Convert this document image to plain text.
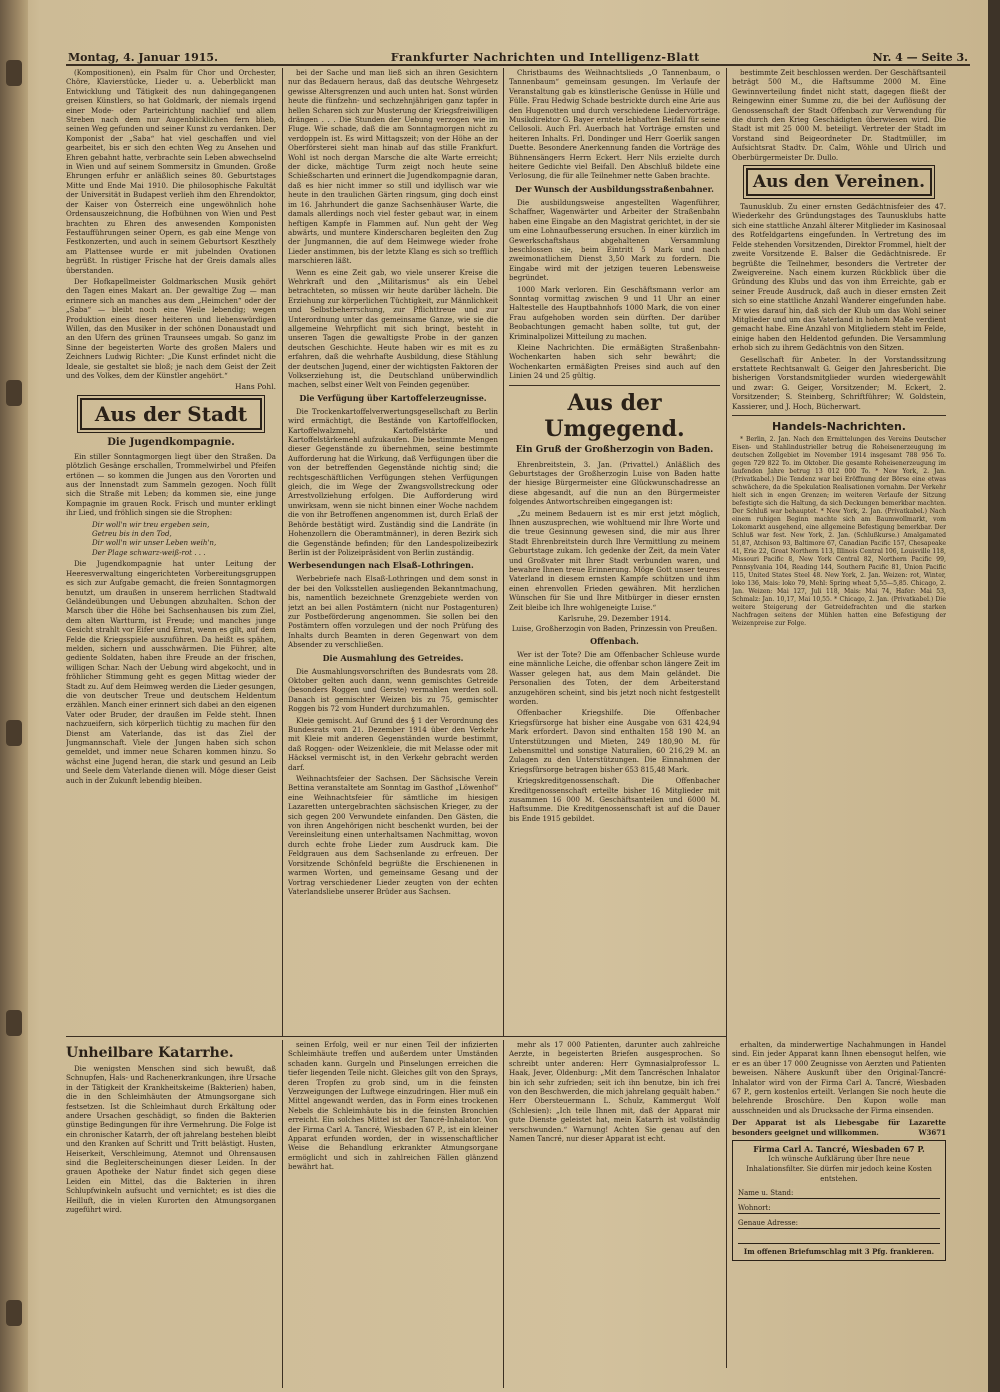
Montag, 4. Januar 1915.	Frankfurter Nachrichten und Intelligenz-Blatt	Nr. 4 — Seite 3.

(Kompositionen), ein Psalm für Chor und Orchester, Chöre, Klavierstücke, Lieder u. a. Ueberblickt man Entwicklung und Tätigkeit des nun dahingegangenen greisen Künstlers, so hat Goldmark, der niemals irgend einer Mode- oder Parteirichtung nachlief und allem Streben nach dem nur Augenblicklichen fern blieb, seinen Weg gefunden und seiner Kunst zu verdanken. Der Komponist der „Saba“ hat viel geschaffen und viel gearbeitet, bis er sich den echten Weg zu Ansehen und Ehren gebahnt hatte, verbrachte sein Leben abwechselnd in Wien und auf seinem Sommersitz in Gmunden. Große Ehrungen erfuhr er anläßlich seines 80. Geburtstages Mitte und Ende Mai 1910. Die philosophische Fakultät der Universität in Budapest verlieh ihm den Ehrendoktor, der Kaiser von Österreich eine ungewöhnlich hohe Ordensauszeichnung, die Hofbühnen von Wien und Pest brachten zu Ehren des anwesenden Komponisten Festaufführungen seiner Opern, es gab eine Menge von Festkonzerten, und auch in seinem Geburtsort Keszthely am Plattensee wurde er mit jubelnden Ovationen begrüßt. In rüstiger Frische hat der Greis damals alles überstanden.

Der Hofkapellmeister Goldmarkschen Musik gehört den Tagen eines Makart an. Der gewaltige Zug — man erinnere sich an manches aus dem „Heimchen“ oder der „Saba“ — bleibt noch eine Weile lebendig; wegen Produktion eines dieser heiteren und liebenswürdigen Willen, das den Musiker in der schönen Donaustadt und an den Ufern des grünen Traunsees umgab. So ganz im Sinne der begeisterten Worte des großen Malers und Zeichners Ludwig Richter: „Die Kunst erfindet nicht die Ideale, sie gestaltet sie bloß; je nach dem Geist der Zeit und des Volkes, dem der Künstler angehört.“

Hans Pohl.
Aus der Stadt
Die Jugendkompagnie.

Ein stiller Sonntagmorgen liegt über den Straßen. Da plötzlich Gesänge erschallen, Trommelwirbel und Pfeifen ertönen — so kommen die Jungen aus den Vororten und aus der Innenstadt zum Sammeln gezogen. Noch füllt sich die Straße mit Leben; da kommen sie, eine junge Kompagnie im grauen Rock. Frisch und munter erklingt ihr Lied, und fröhlich singen sie die Strophen:

Dir woll'n wir treu ergeben sein,
Getreu bis in den Tod,
Dir woll'n wir unser Leben weih'n,
Der Plage schwarz-weiß-rot . . .

Die Jugendkompagnie hat unter Leitung der Heeresverwaltung eingerichteten Vorbereitungsgruppen es sich zur Aufgabe gemacht, die freien Sonntagmorgen benutzt, um draußen in unserem herrlichen Stadtwald Geländeübungen und Uebungen abzuhalten. Schon der Marsch über die Höhe bei Sachsenhausen bis zum Ziel, dem alten Wartturm, ist Freude; und manches junge Gesicht strahlt vor Eifer und Ernst, wenn es gilt, auf dem Felde die Kriegsspiele auszuführen. Da heißt es spähen, melden, sichern und ausschwärmen. Die Führer, alte gediente Soldaten, haben ihre Freude an der frischen, willigen Schar. Nach der Uebung wird abgekocht, und in fröhlicher Stimmung geht es gegen Mittag wieder der Stadt zu. Auf dem Heimweg werden die Lieder gesungen, die von deutscher Treue und deutschem Heldentum erzählen. Manch einer erinnert sich dabei an den eigenen Vater oder Bruder, der draußen im Felde steht. Ihnen nachzueifern, sich körperlich tüchtig zu machen für den Dienst am Vaterlande, das ist das Ziel der Jungmannschaft. Viele der Jungen haben sich schon gemeldet, und immer neue Scharen kommen hinzu. So wächst eine Jugend heran, die stark und gesund an Leib und Seele dem Vaterlande dienen will. Möge dieser Geist auch in der Zukunft lebendig bleiben.

bei der Sache und man ließ sich an ihren Gesichtern nur das Bedauern heraus, daß das deutsche Wehrgesetz gewisse Altersgrenzen und auch unten hat. Sonst würden heute die fünfzehn- und sechzehnjährigen ganz tapfer in hellen Scharen sich zur Musterung der Kriegsfreiwilligen drängen . . . Die Stunden der Uebung verzogen wie im Fluge. Wie schade, daß die am Sonntagmorgen nicht zu verdoppeln ist. Es wird Mittagszeit; von der Höhe an der Oberförsterei sieht man hinab auf das stille Frankfurt. Wohl ist noch dergan Marsche die alte Warte erreicht; der dicke, mächtige Turm zeigt noch heute seine Schießscharten und erinnert die Jugendkompagnie daran, daß es hier nicht immer so still und idyllisch war wie heute in den traulichen Gärten ringsum, ging doch einst im 16. Jahrhundert die ganze Sachsenhäuser Warte, die damals allerdings noch viel fester gebaut war, in einem heftigen Kampfe in Flammen auf. Nun geht der Weg abwärts, und muntere Kinderscharen begleiten den Zug der Jungmannen, die auf dem Heimwege wieder frohe Lieder anstimmen, bis der letzte Klang es sich so trefflich marschieren läßt.

Wenn es eine Zeit gab, wo viele unserer Kreise die Wehrkraft und den „Militarismus“ als ein Uebel betrachteten, so müssen wir heute darüber lächeln. Die Erziehung zur körperlichen Tüchtigkeit, zur Männlichkeit und Selbstbeherrschung, zur Pflichttreue und zur Unterordnung unter das gemeinsame Ganze, wie sie die allgemeine Wehrpflicht mit sich bringt, besteht in unseren Tagen die gewaltigste Probe in der ganzen deutschen Geschichte. Heute haben wir es mit es zu erfahren, daß die wehrhafte Ausbildung, diese Stählung der deutschen Jugend, einer der wichtigsten Faktoren der Volkserziehung ist, die Deutschland unüberwindlich machen, selbst einer Welt von Feinden gegenüber.

Die Verfügung über Kartoffelerzeugnisse.

Die Trockenkartoffelverwertungsgesellschaft zu Berlin wird ermächtigt, die Bestände von Kartoffelflocken, Kartoffelwalzmehl, Kartoffelstärke und Kartoffelstärkemehl aufzukaufen. Die bestimmte Mengen dieser Gegenstände zu übernehmen, seine bestimmte Aufforderung hat die Wirkung, daß Verfügungen über die von der betreffenden Gegenstände nichtig sind; die rechtsgeschäftlichen Verfügungen stehen Verfügungen gleich, die im Wege der Zwangsvollstreckung oder Arrestvollziehung erfolgen. Die Aufforderung wird unwirksam, wenn sie nicht binnen einer Woche nachdem die von ihr Betroffenen angenommen ist, durch Erlaß der Behörde bestätigt wird. Zuständig sind die Landräte (in Hohenzollern die Oberamtmänner), in deren Bezirk sich die Gegenstände befinden; für den Landespolizeibezirk Berlin ist der Polizeipräsident von Berlin zuständig.

Werbesendungen nach Elsaß-Lothringen.

Werbebriefe nach Elsaß-Lothringen und dem sonst in der bei den Volksstellen ausliegenden Bekanntmachung, bis, namentlich bezeichnete Grenzgebiete werden von jetzt an bei allen Postämtern (nicht nur Postagenturen) zur Postbeförderung angenommen. Sie sollen bei den Postämtern offen vorzulegen und der noch Prüfung des Inhalts durch Beamten in deren Gegenwart von dem Absender zu verschließen.

Die Ausmahlung des Getreides.

Die Ausmahlungsvorschriften des Bundesrats vom 28. Oktober gelten auch dann, wenn gemischtes Getreide (besonders Roggen und Gerste) vermahlen werden soll. Danach ist gemischter Weizen bis zu 75, gemischter Roggen bis 72 vom Hundert durchzumahlen.

Kleie gemischt. Auf Grund des § 1 der Verordnung des Bundesrats vom 21. Dezember 1914 über den Verkehr mit Kleie mit anderen Gegenständen wurde bestimmt, daß Roggen- oder Weizenkleie, die mit Melasse oder mit Häcksel vermischt ist, in den Verkehr gebracht werden darf.

Weihnachtsfeier der Sachsen. Der Sächsische Verein Bettina veranstaltete am Sonntag im Gasthof „Löwenhof“ eine Weihnachtsfeier für sämtliche im hiesigen Lazaretten untergebrachten sächsischen Krieger, zu der sich gegen 200 Verwundete einfanden. Den Gästen, die von ihren Angehörigen nicht beschenkt wurden, bei der Vereinsleitung einen unterhaltsamen Nachmittag, wovon durch echte frohe Lieder zum Ausdruck kam. Die Feldgrauen aus dem Sachsenlande zu erfreuen. Der Vorsitzende Schönfeld begrüßte die Erschienenen in warmen Worten, und gemeinsame Gesang und der Vortrag verschiedener Lieder zeugten von der echten Vaterlandsliebe unserer Brüder aus Sachsen.

Christbaums des Weihnachtslieds „O Tannenbaum, o Tannenbaum“ gemeinsam gesungen. Im Verlaufe der Veranstaltung gab es künstlerische Genüsse in Hülle und Fülle. Frau Hedwig Schade bestrickte durch eine Arie aus den Hugenotten und durch verschiedene Liedervorträge. Musikdirektor G. Bayer erntete lebhaften Beifall für seine Cellosoli. Auch Frl. Auerbach hat Vorträge ernsten und heiteren Inhalts. Frl. Dondinger und Herr Goerlik sangen Duette. Besondere Anerkennung fanden die Vorträge des Bühnensängers Herrn Eckert. Herr Nils erzielte durch heitere Gedichte viel Beifall. Den Abschluß bildete eine Verlosung, die für alle Teilnehmer nette Gaben brachte.

Der Wunsch der Ausbildungsstraßenbahner.

Die ausbildungsweise angestellten Wagenführer, Schaffner, Wagenwärter und Arbeiter der Straßenbahn haben eine Eingabe an den Magistrat gerichtet, in der sie um eine Lohnaufbesserung ersuchen. In einer kürzlich im Gewerkschaftshaus abgehaltenen Versammlung beschlossen sie, beim Eintritt 5 Mark und nach zweimonatlichem Dienst 3,50 Mark zu fordern. Die Eingabe wird mit der jetzigen teueren Lebensweise begründet.

1000 Mark verloren. Ein Geschäftsmann verlor am Sonntag vormittag zwischen 9 und 11 Uhr an einer Haltestelle des Hauptbahnhofs 1000 Mark, die von einer Frau aufgehoben worden sein dürften. Der darüber Beobachtungen gemacht haben sollte, tut gut, der Kriminalpolizei Mitteilung zu machen.

Kleine Nachrichten. Die ermäßigten Straßenbahn-Wochenkarten haben sich sehr bewährt; die Wochenkarten ermäßigten Preises sind auch auf den Linien 24 und 25 gültig.

Aus der Umgegend.
Ein Gruß der Großherzogin von Baden.

Ehrenbreitstein, 3. Jan. (Privattel.) Anläßlich des Geburtstages der Großherzogin Luise von Baden hatte der hiesige Bürgermeister eine Glückwunschadresse an diese abgesandt, auf die nun an den Bürgermeister folgendes Antwortschreiben eingegangen ist:

„Zu meinem Bedauern ist es mir erst jetzt möglich, Ihnen auszusprechen, wie wohltuend mir Ihre Worte und die treue Gesinnung gewesen sind, die mir aus Ihrer Stadt Ehrenbreitstein durch Ihre Vermittlung zu meinem Geburtstage zukam. Ich gedenke der Zeit, da mein Vater und Großvater mit Ihrer Stadt verbunden waren, und bewahre Ihnen treue Erinnerung. Möge Gott unser teures Vaterland in diesem ernsten Kampfe schützen und ihm einen ehrenvollen Frieden gewähren. Mit herzlichen Wünschen für Sie und Ihre Mitbürger in dieser ernsten Zeit bleibe ich Ihre wohlgeneigte Luise.“

Karlsruhe, 29. Dezember 1914.
Luise, Großherzogin von Baden, Prinzessin von Preußen.
Offenbach.

Wer ist der Tote? Die am Offenbacher Schleuse wurde eine männliche Leiche, die offenbar schon längere Zeit im Wasser gelegen hat, aus dem Main geländet. Die Personalien des Toten, der dem Arbeiterstand anzugehören scheint, sind bis jetzt noch nicht festgestellt worden.

Offenbacher Kriegshilfe. Die Offenbacher Kriegsfürsorge hat bisher eine Ausgabe von 631 424,94 Mark erfordert. Davon sind enthalten 158 190 M. an Unterstützungen und Mieten, 249 180,90 M. für Lebensmittel und sonstige Naturalien, 60 216,29 M. an Zulagen zu den Unterstützungen. Die Einnahmen der Kriegsfürsorge betragen bisher 653 815,48 Mark.

Kriegskreditgenossenschaft. Die Offenbacher Kreditgenossenschaft erteilte bisher 16 Mitglieder mit zusammen 16 000 M. Geschäftsanteilen und 6000 M. Haftsumme. Die Kreditgenossenschaft ist auf die Dauer bis Ende 1915 gebildet.

bestimmte Zeit beschlossen werden. Der Geschäftsanteil beträgt 500 M., die Haftsumme 2000 M. Eine Gewinnverteilung findet nicht statt, dagegen fließt der Reingewinn einer Summe zu, die bei der Auflösung der Genossenschaft der Stadt Offenbach zur Verwendung für die durch den Krieg Geschädigten überwiesen wird. Die Stadt ist mit 25 000 M. beteiligt. Vertreter der Stadt im Vorstand sind Beigeordneter Dr. Stadtmüller, im Aufsichtsrat Stadtv. Dr. Calm, Wöhle und Ulrich und Oberbürgermeister Dr. Dullo.

Aus den Vereinen.

Taunusklub. Zu einer ernsten Gedächtnisfeier des 47. Wiederkehr des Gründungstages des Taunusklubs hatte sich eine stattliche Anzahl älterer Mitglieder im Kasinosaal des Rotfeldgartens eingefunden. In Vertretung des im Felde stehenden Vorsitzenden, Direktor Frommel, hielt der zweite Vorsitzende E. Balser die Gedächtnisrede. Er begrüßte die Teilnehmer, besonders die Vertreter der Zweigvereine. Nach einem kurzen Rückblick über die Gründung des Klubs und das von ihm Erreichte, gab er seiner Freude Ausdruck, daß auch in dieser ernsten Zeit sich so eine stattliche Anzahl Wanderer eingefunden habe. Er wies darauf hin, daß sich der Klub um das Wohl seiner Mitglieder und um das Vaterland in hohem Maße verdient gemacht habe. Eine Anzahl von Mitgliedern steht im Felde, einige haben den Heldentod gefunden. Die Versammlung erhob sich zu ihrem Gedächtnis von den Sitzen.

Gesellschaft für Anbeter. In der Vorstandssitzung erstattete Rechtsanwalt G. Geiger den Jahresbericht. Die bisherigen Vorstandsmitglieder wurden wiedergewählt und zwar: G. Geiger, Vorsitzender; M. Eckert, 2. Vorsitzender; S. Steinberg, Schriftführer; W. Goldstein, Kassierer, und J. Hoch, Bücherwart.

Handels-Nachrichten.

* Berlin, 2. Jan. Nach den Ermittelungen des Vereins Deutscher Eisen- und Stahlindustrieller betrug die Roheisenerzeugung im deutschen Zollgebiet im November 1914 insgesamt 788 956 To. gegen 729 822 To. im Oktober. Die gesamte Roheisenerzeugung im laufenden Jahre betrug 13 012 000 To. * New York, 2. Jan. (Privatkabel.) Die Tendenz war bei Eröffnung der Börse eine etwas schwächere, da die Spekulation Realisationen vornahm. Der Verkehr hielt sich in engen Grenzen; im weiteren Verlaufe der Sitzung befestigte sich die Haltung, da sich Deckungen bemerkbar machten. Der Schluß war behauptet. * New York, 2. Jan. (Privatkabel.) Nach einem ruhigen Beginn machte sich am Baumwollmarkt, vom Lokomarkt ausgehend, eine allgemeine Befestigung bemerkbar. Der Schluß war fest. New York, 2. Jan. (Schlußkurse.) Amalgamated 51,87, Atchison 93, Baltimore 67, Canadian Pacific 157, Chesapeake 41, Erie 22, Great Northern 113, Illinois Central 106, Louisville 118, Missouri Pacific 8, New York Central 82, Northern Pacific 99, Pennsylvania 104, Reading 144, Southern Pacific 81, Union Pacific 115, United States Steel 48. New York, 2. Jan. Weizen: rot, Winter, loko 136, Mais: loko 79, Mehl: Spring wheat 5,55—5,85. Chicago, 2. Jan. Weizen: Mai 127, Juli 118, Mais: Mai 74, Hafer: Mai 53, Schmalz: Jan. 10,17, Mai 10,55. * Chicago, 2. Jan. (Privatkabel.) Die weitere Steigerung der Getreidefrachten und die starken Nachfragen seitens der Mühlen hatten eine Befestigung der Weizenpreise zur Folge.

Unheilbare Katarrhe.

Die wenigsten Menschen sind sich bewußt, daß Schnupfen, Hals- und Rachenerkrankungen, ihre Ursache in der Tätigkeit der Krankheitskeime (Bakterien) haben, die in den Schleimhäuten der Atmungsorgane sich festsetzen. Ist die Schleimhaut durch Erkältung oder andere Ursachen geschädigt, so finden die Bakterien günstige Bedingungen für ihre Vermehrung. Die Folge ist ein chronischer Katarrh, der oft jahrelang bestehen bleibt und den Kranken auf Schritt und Tritt belästigt. Husten, Heiserkeit, Verschleimung, Atemnot und Ohrensausen sind die Begleiterscheinungen dieser Leiden. In der grauen Apotheke der Natur findet sich gegen diese Leiden ein Mittel, das die Bakterien in ihren Schlupfwinkeln aufsucht und vernichtet; es ist dies die Heilluft, die in vielen Kurorten den Atmungsorganen zugeführt wird.

seinen Erfolg, weil er nur einen Teil der infizierten Schleimhäute treffen und außerdem unter Umständen schaden kann. Gurgeln und Pinselungen erreichen die tiefer liegenden Teile nicht. Gleiches gilt von den Sprays, deren Tropfen zu grob sind, um in die feinsten Verzweigungen der Luftwege einzudringen. Hier muß ein Mittel angewandt werden, das in Form eines trockenen Nebels die Schleimhäute bis in die feinsten Bronchien erreicht. Ein solches Mittel ist der Tancré-Inhalator. Von der Firma Carl A. Tancré, Wiesbaden 67 P., ist ein kleiner Apparat erfunden worden, der in wissenschaftlicher Weise die Behandlung erkrankter Atmungsorgane ermöglicht und sich in zahlreichen Fällen glänzend bewährt hat.

mehr als 17 000 Patienten, darunter auch zahlreiche Aerzte, in begeisterten Briefen ausgesprochen. So schreibt unter anderen: Herr Gymnasialprofessor L. Haak, Jever, Oldenburg: „Mit dem Tancréschen Inhalator bin ich sehr zufrieden; seit ich ihn benutze, bin ich frei von den Beschwerden, die mich jahrelang gequält haben.“ Herr Obersteuermann L. Schulz, Kammergut Wolf (Schlesien): „Ich teile Ihnen mit, daß der Apparat mir gute Dienste geleistet hat, mein Katarrh ist vollständig verschwunden.“ Warnung! Achten Sie genau auf den Namen Tancré, nur dieser Apparat ist echt.

erhalten, da minderwertige Nachahmungen in Handel sind. Ein jeder Apparat kann Ihnen ebensogut helfen, wie er es an über 17 000 Zeugnisse von Aerzten und Patienten beweisen. Nähere Auskunft über den Original-Tancré-Inhalator wird von der Firma Carl A. Tancré, Wiesbaden 67 P., gern kostenlos erteilt. Verlangen Sie noch heute die belehrende Broschüre. Den Kupon wolle man ausschneiden und als Drucksache der Firma einsenden.

Der Apparat ist als Liebesgabe für Lazarette besonders geeignet und willkommen.	W3671
Firma Carl A. Tancré, Wiesbaden 67 P.
Ich wünsche Aufklärung über Ihre neue Inhalationsfilter. Sie dürfen mir jedoch keine Kosten entstehen.
Name u. Stand:
Wohnort:
Genaue Adresse:
Im offenen Briefumschlag mit 3 Pfg. frankieren.
